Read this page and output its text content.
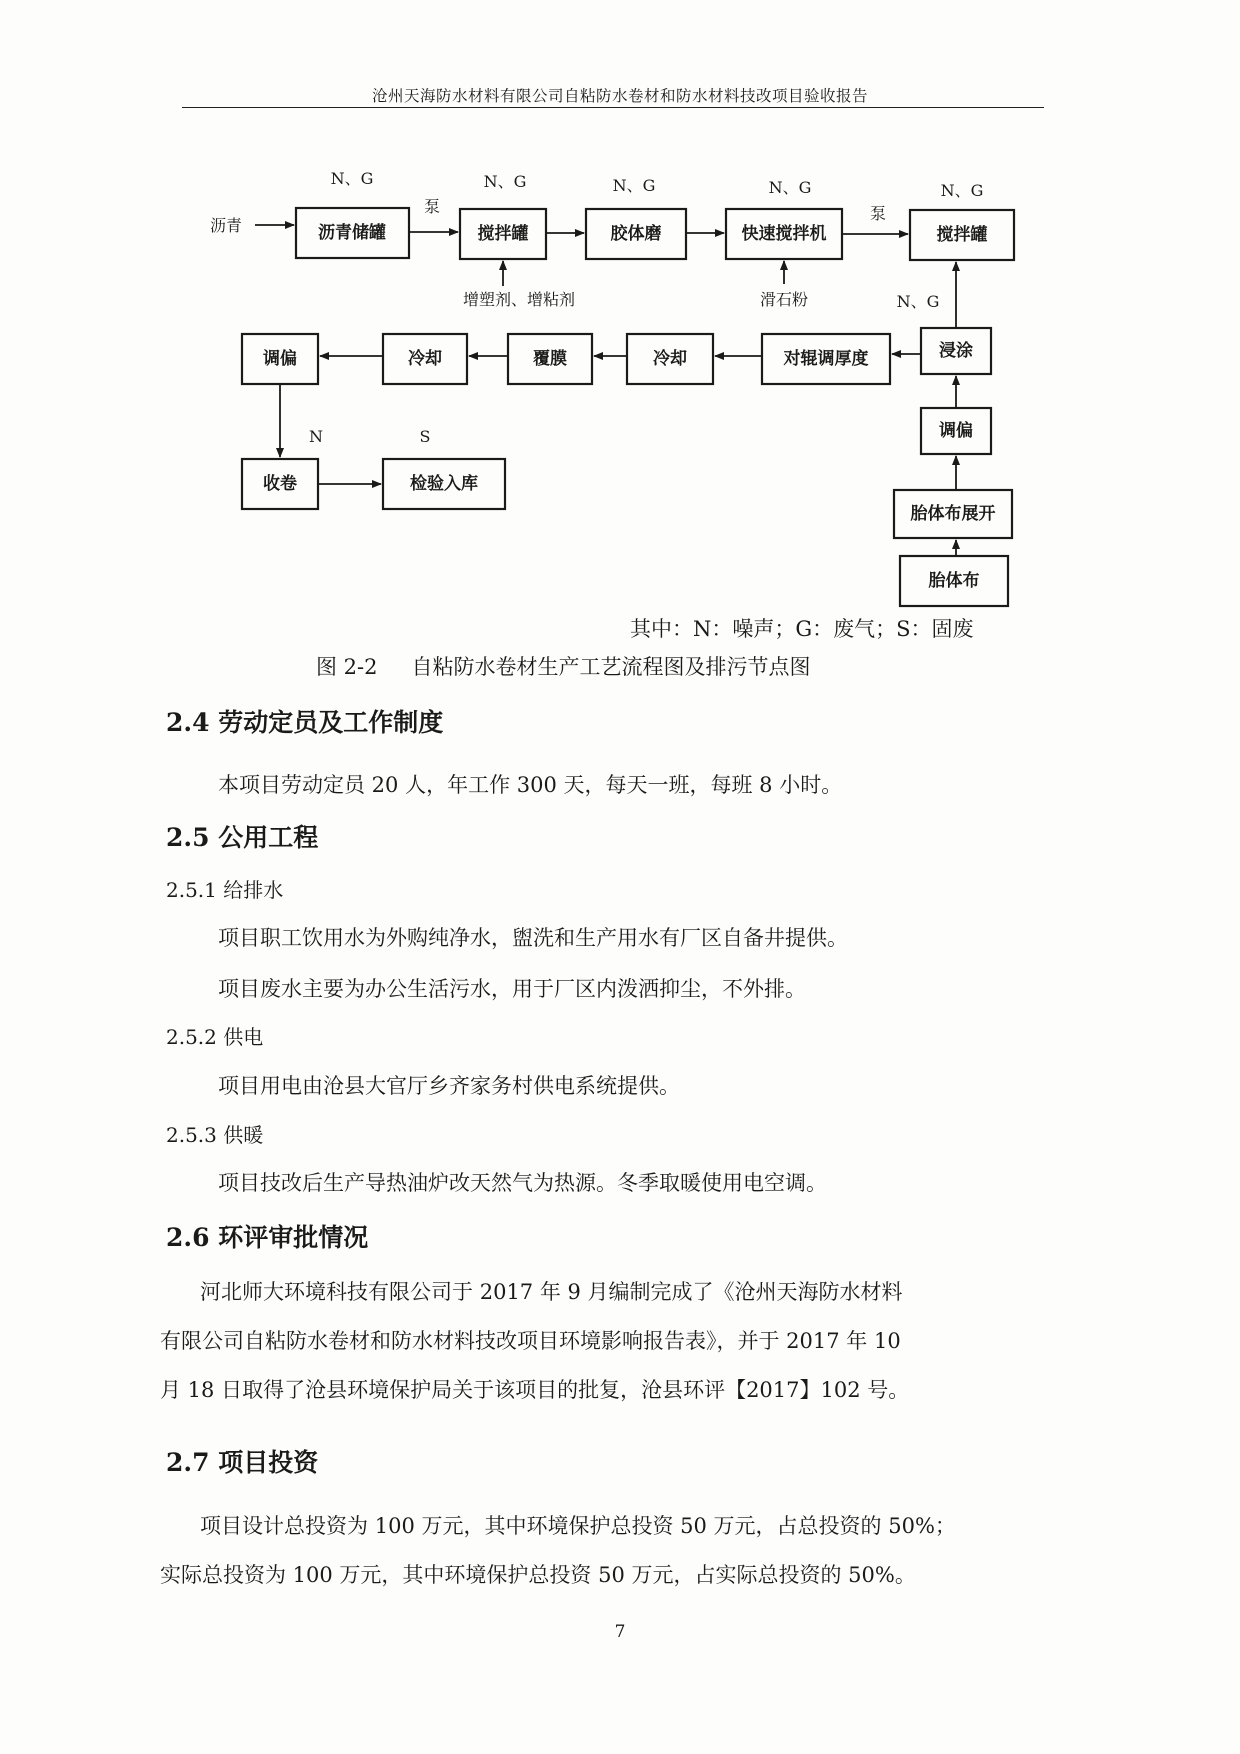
沧州天海防水材料有限公司自粘防水卷材和防水材料技改项目验收报告
沥青储罐	搅拌罐	胶体磨	快速搅拌机	搅拌罐
调偏	冷却	覆膜	冷却	对辊调厚度	浸涂
收卷	检验入库
调偏
胎体布展开
胎体布
沥青
N、G
泵
N、G	N、G	N、G
泵
N、G
增塑剂、增粘剂	滑石粉	N、G
N	S
其中：N：噪声；G：废气；S：固废
图 2-2 自粘防水卷材生产工艺流程图及排污节点图
2.4 劳动定员及工作制度
本项目劳动定员 20 人，年工作 300 天，每天一班，每班 8 小时。
2.5 公用工程
2.5.1 给排水
项目职工饮用水为外购纯净水，盥洗和生产用水有厂区自备井提供。
项目废水主要为办公生活污水，用于厂区内泼洒抑尘，不外排。
2.5.2 供电
项目用电由沧县大官厅乡齐家务村供电系统提供。
2.5.3 供暖
项目技改后生产导热油炉改天然气为热源。冬季取暖使用电空调。
2.6 环评审批情况
河北师大环境科技有限公司于 2017 年 9 月编制完成了《沧州天海防水材料
有限公司自粘防水卷材和防水材料技改项目环境影响报告表》，并于 2017 年 10
月 18 日取得了沧县环境保护局关于该项目的批复，沧县环评【2017】102 号。
2.7 项目投资
项目设计总投资为 100 万元，其中环境保护总投资 50 万元，占总投资的 50%；
实际总投资为 100 万元，其中环境保护总投资 50 万元，占实际总投资的 50%。
7
